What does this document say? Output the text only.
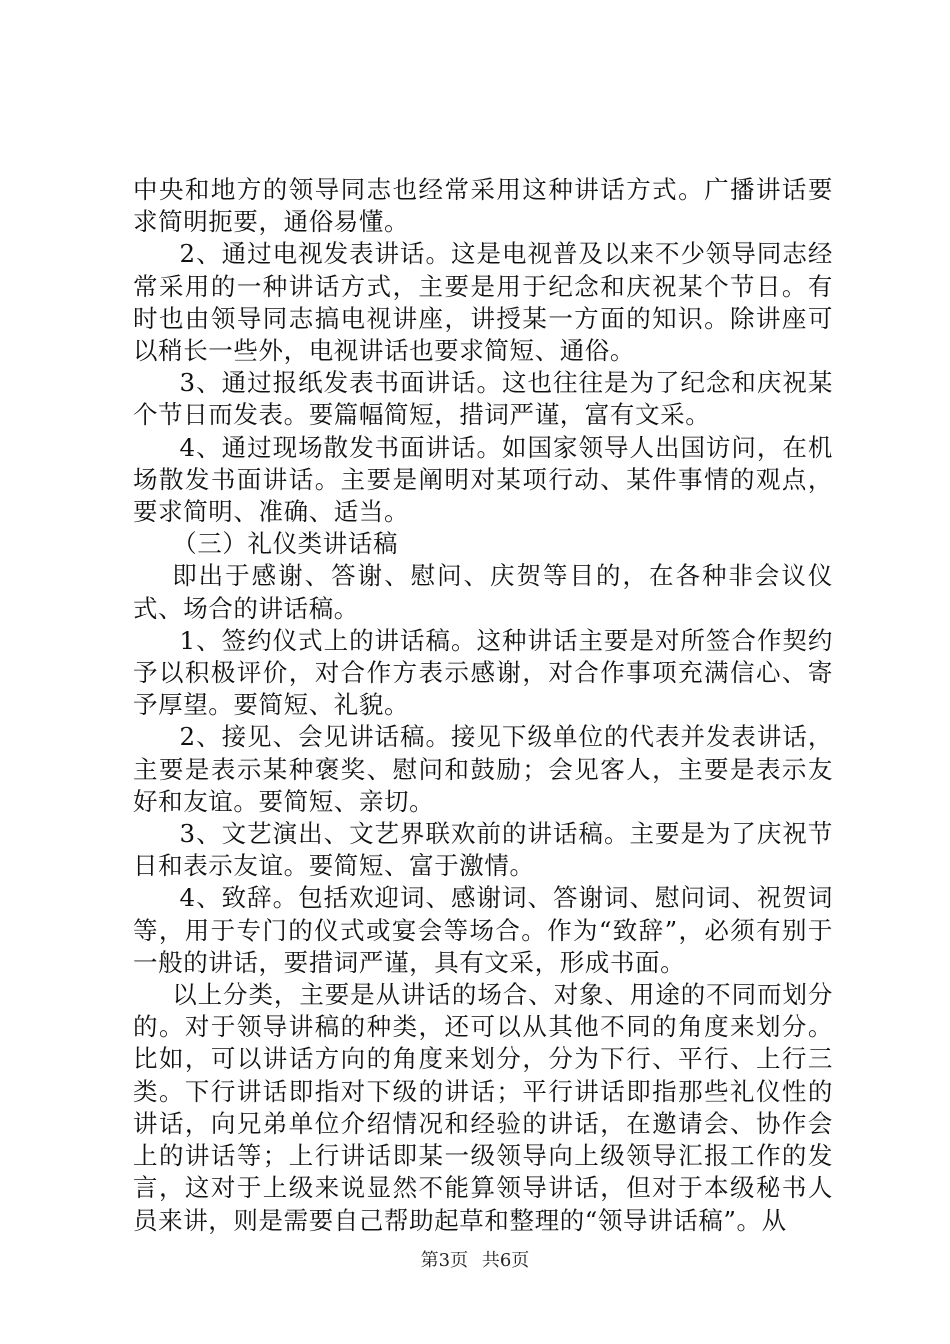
中央和地方的领导同志也经常采用这种讲话方式。广播讲话要求简明扼要，通俗易懂。

2、通过电视发表讲话。这是电视普及以来不少领导同志经常采用的一种讲话方式，主要是用于纪念和庆祝某个节日。有时也由领导同志搞电视讲座，讲授某一方面的知识。除讲座可以稍长一些外，电视讲话也要求简短、通俗。

3、通过报纸发表书面讲话。这也往往是为了纪念和庆祝某个节日而发表。要篇幅简短，措词严谨，富有文采。

4、通过现场散发书面讲话。如国家领导人出国访问，在机场散发书面讲话。主要是阐明对某项行动、某件事情的观点，要求简明、准确、适当。

（三）礼仪类讲话稿

即出于感谢、答谢、慰问、庆贺等目的，在各种非会议仪式、场合的讲话稿。

1、签约仪式上的讲话稿。这种讲话主要是对所签合作契约予以积极评价，对合作方表示感谢，对合作事项充满信心、寄予厚望。要简短、礼貌。

2、接见、会见讲话稿。接见下级单位的代表并发表讲话，主要是表示某种褒奖、慰问和鼓励；会见客人，主要是表示友好和友谊。要简短、亲切。

3、文艺演出、文艺界联欢前的讲话稿。主要是为了庆祝节日和表示友谊。要简短、富于激情。

4、致辞。包括欢迎词、感谢词、答谢词、慰问词、祝贺词等，用于专门的仪式或宴会等场合。作为“致辞”，必须有别于一般的讲话，要措词严谨，具有文采，形成书面。

以上分类，主要是从讲话的场合、对象、用途的不同而划分的。对于领导讲稿的种类，还可以从其他不同的角度来划分。比如，可以讲话方向的角度来划分，分为下行、平行、上行三类。下行讲话即指对下级的讲话；平行讲话即指那些礼仪性的讲话，向兄弟单位介绍情况和经验的讲话，在邀请会、协作会上的讲话等；上行讲话即某一级领导向上级领导汇报工作的发言，这对于上级来说显然不能算领导讲话，但对于本级秘书人员来讲，则是需要自己帮助起草和整理的“领导讲话稿”。从

第3页 共6页
